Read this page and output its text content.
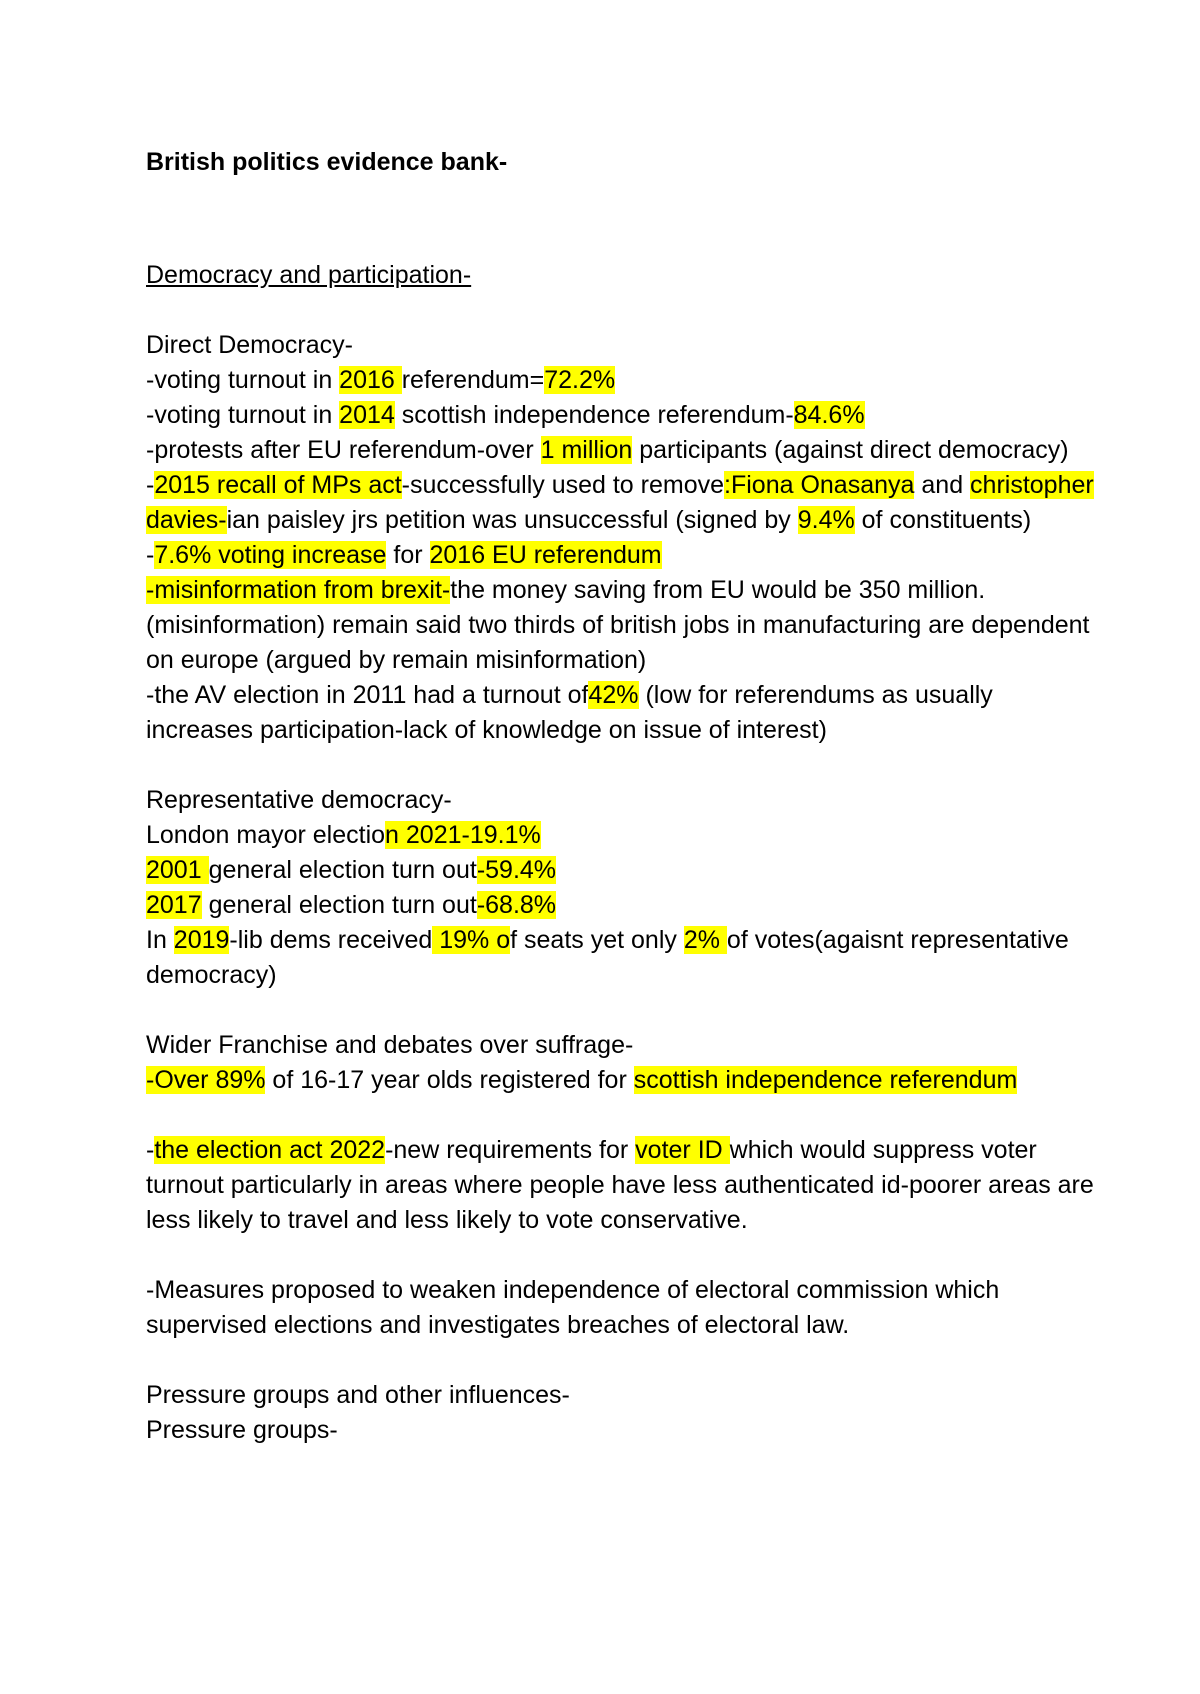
British politics evidence bank-
Democracy and participation-
Direct Democracy-
-voting turnout in 2016 referendum=72.2%
-voting turnout in 2014 scottish independence referendum-84.6%
-protests after EU referendum-over 1 million participants (against direct democracy)
-2015 recall of MPs act-successfully used to remove:Fiona Onasanya and christopher davies-ian paisley jrs petition was unsuccessful (signed by 9.4% of constituents)
-7.6% voting increase for 2016 EU referendum
-misinformation from brexit-the money saving from EU would be 350 million.(misinformation) remain said two thirds of british jobs in manufacturing are dependent on europe (argued by remain misinformation)
-the AV election in 2011 had a turnout of42% (low for referendums as usually increases participation-lack of knowledge on issue of interest)
Representative democracy-
London mayor election 2021-19.1%
2001 general election turn out-59.4%
2017 general election turn out-68.8%
In 2019-lib dems received 19% of seats yet only 2% of votes(agaisnt representative democracy)
Wider Franchise and debates over suffrage-
-Over 89% of 16-17 year olds registered for scottish independence referendum
-the election act 2022-new requirements for voter ID which would suppress voter turnout particularly in areas where people have less authenticated id-poorer areas are less likely to travel and less likely to vote conservative.
-Measures proposed to weaken independence of electoral commission which supervised elections and investigates breaches of electoral law.
Pressure groups and other influences-
Pressure groups-
